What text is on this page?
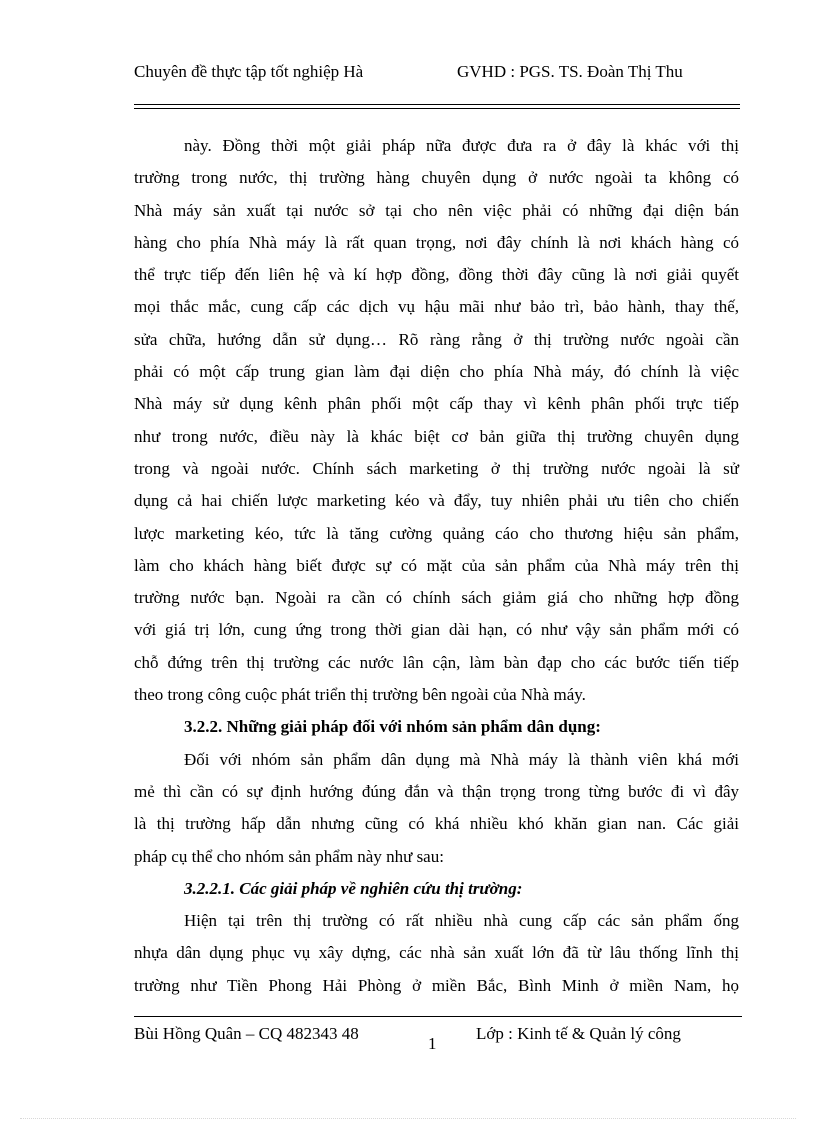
Chuyên đề thực tập tốt nghiệp Hà	GVHD : PGS. TS. Đoàn Thị Thu
này. Đồng thời một giải pháp nữa được đưa ra ở đây là khác với thị
trường trong nước, thị trường hàng chuyên dụng ở nước ngoài ta không có
Nhà máy sản xuất tại nước sở tại cho nên việc phải có những đại diện bán
hàng cho phía Nhà máy là rất quan trọng, nơi đây chính là nơi khách hàng có
thể trực tiếp đến liên hệ và kí hợp đồng, đồng thời đây cũng là nơi giải quyết
mọi thắc mắc, cung cấp các dịch vụ hậu mãi như bảo trì, bảo hành, thay thế,
sửa chữa, hướng dẫn sử dụng… Rõ ràng rằng ở thị trường nước ngoài cần
phải có một cấp trung gian làm đại diện cho phía Nhà máy, đó chính là việc
Nhà máy sử dụng kênh phân phối một cấp thay vì kênh phân phối trực tiếp
như trong nước, điều này là khác biệt cơ bản giữa thị trường chuyên dụng
trong và ngoài nước. Chính sách marketing ở thị trường nước ngoài là sử
dụng cả hai chiến lược marketing kéo và đẩy, tuy nhiên phải ưu tiên cho chiến
lược marketing kéo, tức là tăng cường quảng cáo cho thương hiệu sản phẩm,
làm cho khách hàng biết được sự có mặt của sản phẩm của Nhà máy trên thị
trường nước bạn. Ngoài ra cần có chính sách giảm giá cho những hợp đồng
với giá trị lớn, cung ứng trong thời gian dài hạn, có như vậy sản phẩm mới có
chỗ đứng trên thị trường các nước lân cận, làm bàn đạp cho các bước tiến tiếp
theo trong công cuộc phát triển thị trường bên ngoài của Nhà máy.
3.2.2. Những giải pháp đối với nhóm sản phẩm dân dụng:
Đối với nhóm sản phẩm dân dụng mà Nhà máy là thành viên khá mới
mẻ thì cần có sự định hướng đúng đắn và thận trọng trong từng bước đi vì đây
là thị trường hấp dẫn nhưng cũng có khá nhiều khó khăn gian nan. Các giải
pháp cụ thể cho nhóm sản phẩm này như sau:
3.2.2.1. Các giải pháp về nghiên cứu thị trường:
Hiện tại trên thị trường có rất nhiều nhà cung cấp các sản phẩm ống
nhựa dân dụng phục vụ xây dựng, các nhà sản xuất lớn đã từ lâu thống lĩnh thị
trường như Tiền Phong Hải Phòng ở miền Bắc, Bình Minh ở miền Nam, họ
Bùi Hồng Quân – CQ 482343 48
1
Lớp : Kinh tế & Quản lý công
